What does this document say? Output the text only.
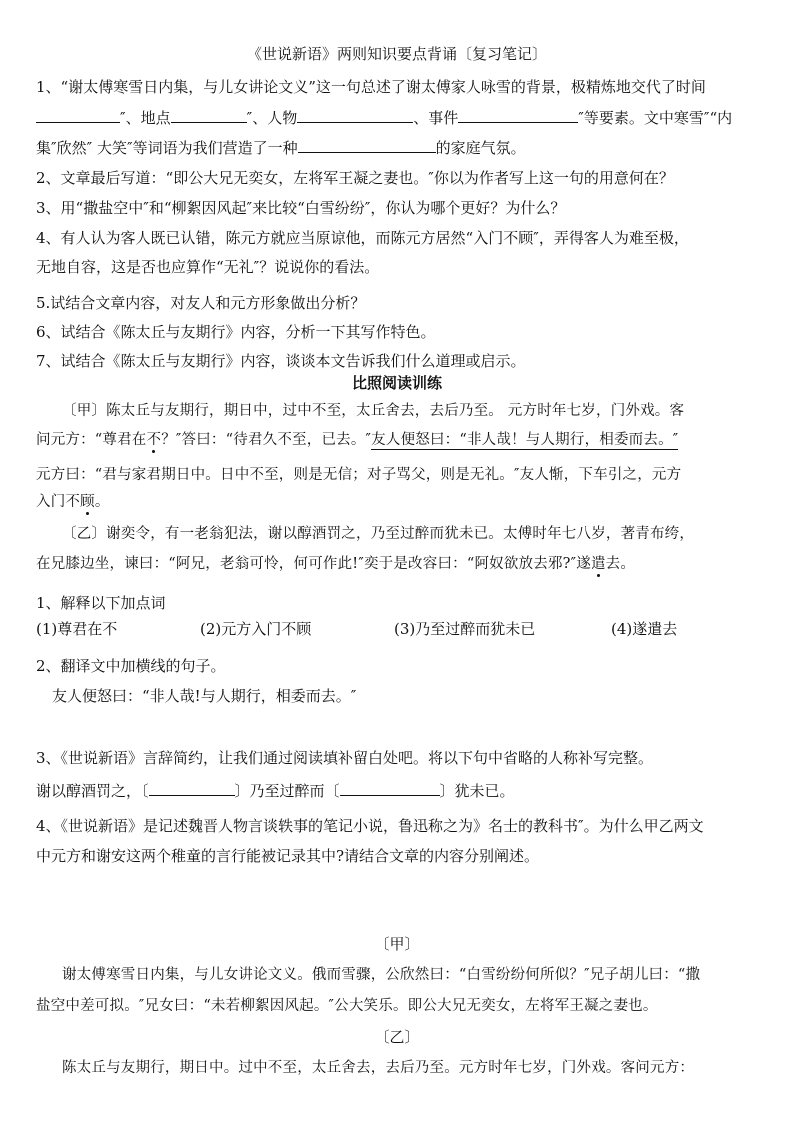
《世说新语》两则知识要点背诵〔复习笔记〕
1、“谢太傅寒雪日内集，与儿女讲论文义”这一句总述了谢太傅家人咏雪的背景，极精炼地交代了时间
″、地点	″、人物	、事件	″等要素。文中寒雪″“内
集″欣然″ 大笑″等词语为我们营造了一种	的家庭气氛。
2、文章最后写道：“即公大兄无奕女，左将军王凝之妻也。″你以为作者写上这一句的用意何在？
3、用“撒盐空中″和“柳絮因风起″来比较“白雪纷纷″，你认为哪个更好？为什么？
4、有人认为客人既已认错，陈元方就应当原谅他，而陈元方居然“入门不顾″，弄得客人为难至极，
无地自容，这是否也应算作“无礼″？说说你的看法。
5.试结合文章内容，对友人和元方形象做出分析？
6、试结合《陈太丘与友期行》内容，分析一下其写作特色。
7、试结合《陈太丘与友期行》内容，谈谈本文告诉我们什么道理或启示。
比照阅读训练
〔甲〕陈太丘与友期行，期日中，过中不至，太丘舍去，去后乃至。 元方时年七岁，门外戏。客
问元方：“尊君在不？″答曰：“待君久不至，已去。″友人便怒曰：“非人哉！与人期行，相委而去。″
元方曰：“君与家君期日中。日中不至，则是无信；对子骂父，则是无礼。″友人惭，下车引之，元方
入门不顾。
〔乙〕谢奕令，有一老翁犯法，谢以醇酒罚之，乃至过醉而犹未已。太傅时年七八岁，著青布绔，
在兄膝边坐，谏曰：“阿兄，老翁可怜，何可作此!″奕于是改容曰：“阿奴欲放去邪?″遂遣去。
1、解释以下加点词
(1)尊君在不	(2)元方入门不顾	(3)乃至过醉而犹未已	(4)遂遣去
2、翻译文中加横线的句子。
友人便怒曰：“非人哉!与人期行，相委而去。″
3、《世说新语》言辞简约，让我们通过阅读填补留白处吧。将以下句中省略的人称补写完整。
谢以醇酒罚之，〔	〕乃至过醉而〔	〕犹未已。
4、《世说新语》是记述魏晋人物言谈轶事的笔记小说，鲁迅称之为》名士的教科书″。为什么甲乙两文
中元方和谢安这两个稚童的言行能被记录其中?请结合文章的内容分别阐述。
〔甲〕
谢太傅寒雪日内集，与儿女讲论文义。俄而雪骤，公欣然曰：“白雪纷纷何所似？″兄子胡儿曰：“撒
盐空中差可拟。″兄女曰：“未若柳絮因风起。″公大笑乐。即公大兄无奕女，左将军王凝之妻也。
〔乙〕
陈太丘与友期行，期日中。过中不至，太丘舍去，去后乃至。元方时年七岁，门外戏。客问元方：
